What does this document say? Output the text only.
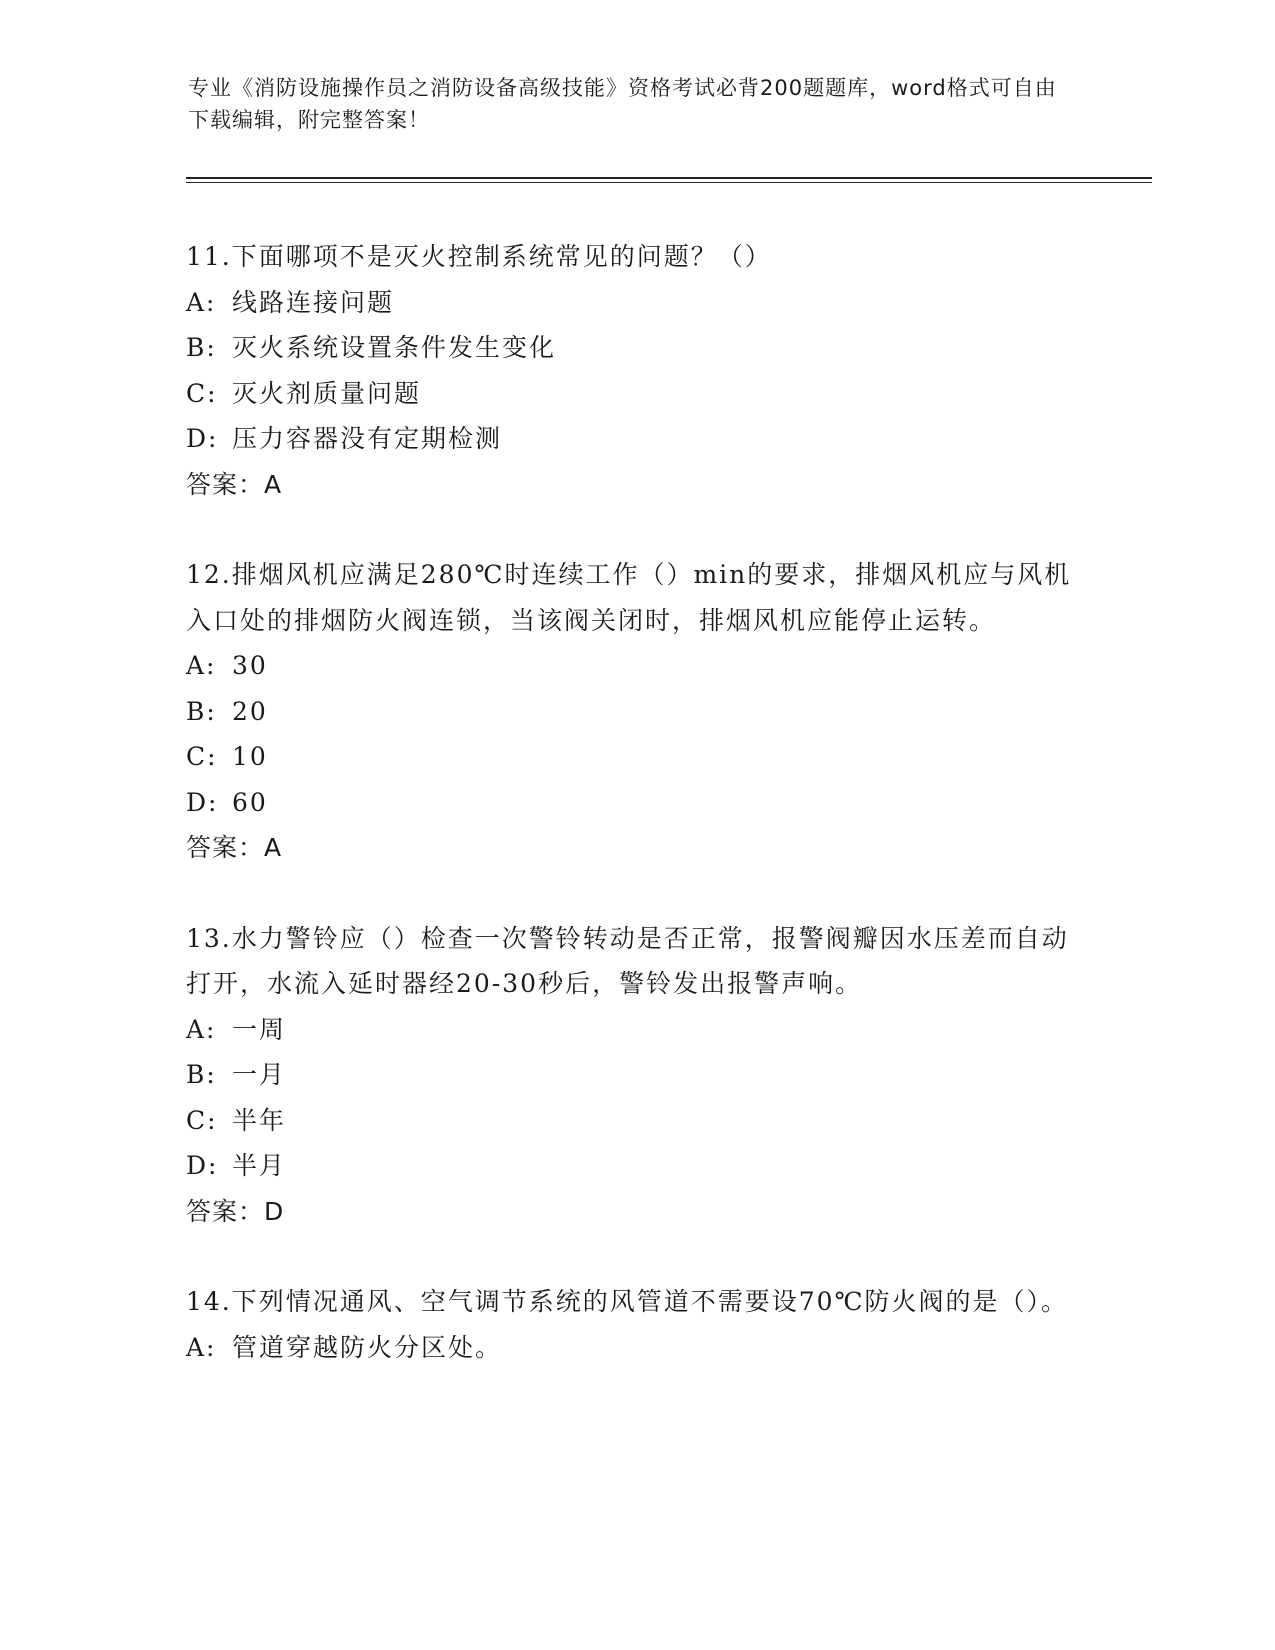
专业《消防设施操作员之消防设备高级技能》资格考试必背200题题库，word格式可自由下载编辑，附完整答案！

11.下面哪项不是灭火控制系统常见的问题？（）

A: 线路连接问题

B: 灭火系统设置条件发生变化

C: 灭火剂质量问题

D: 压力容器没有定期检测

答案：A

12.排烟风机应满足280℃时连续工作（）min的要求，排烟风机应与风机入口处的排烟防火阀连锁，当该阀关闭时，排烟风机应能停止运转。

A: 30

B: 20

C: 10

D: 60

答案：A

13.水力警铃应（）检查一次警铃转动是否正常，报警阀瓣因水压差而自动打开，水流入延时器经20-30秒后，警铃发出报警声响。

A: 一周

B: 一月

C: 半年

D: 半月

答案：D

14.下列情况通风、空气调节系统的风管道不需要设70℃防火阀的是（）。

A: 管道穿越防火分区处。
